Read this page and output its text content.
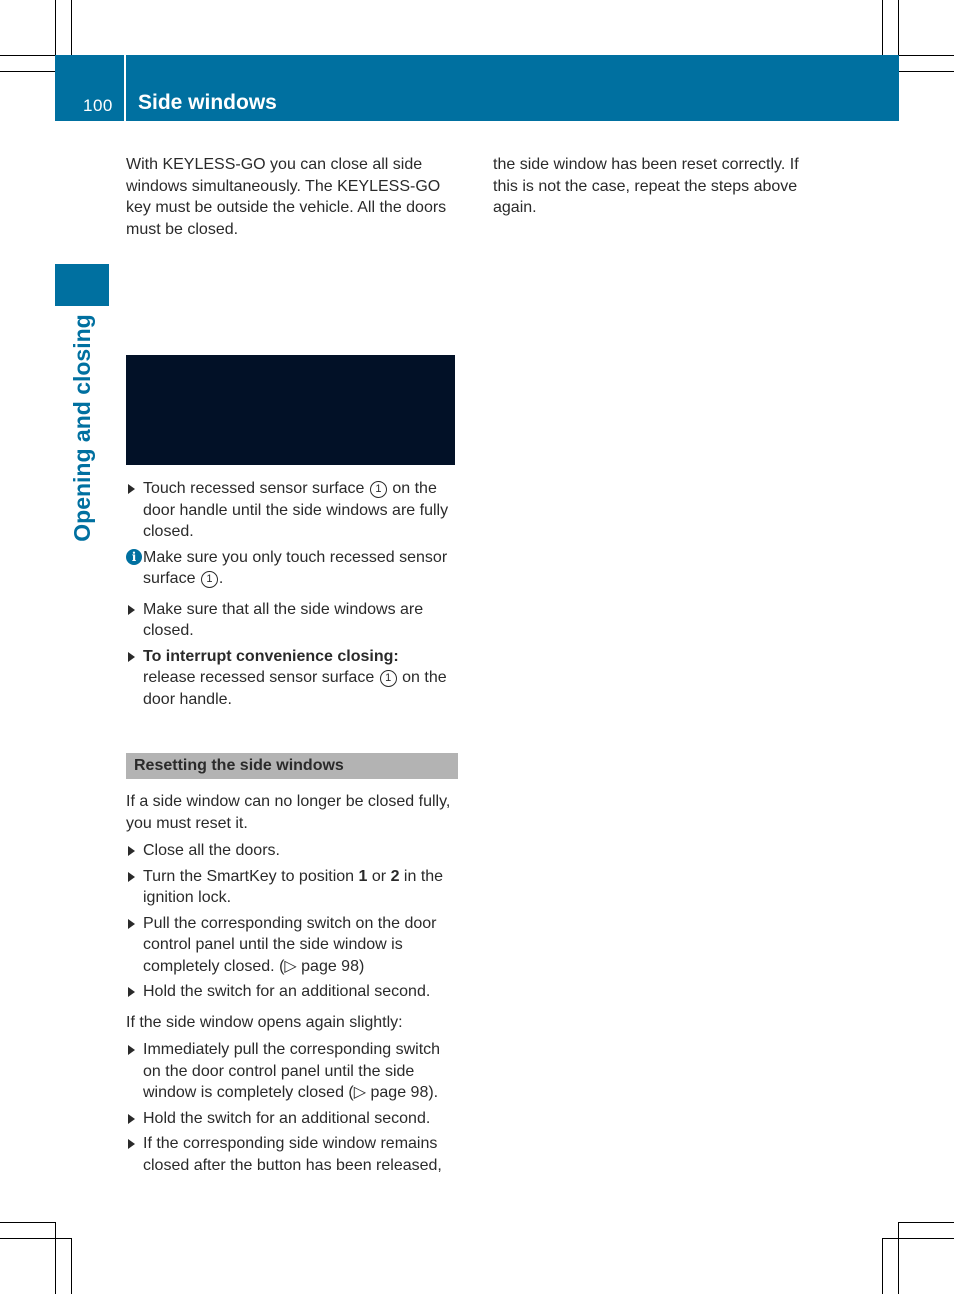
100 Side windows
Opening and closing

With KEYLESS-GO you can close all side windows simultaneously. The KEYLESS-GO key must be outside the vehicle. All the doors must be closed.

Touch recessed sensor surface 1 on the door handle until the side windows are fully closed.
i Make sure you only touch recessed sensor surface 1 .
Make sure that all the side windows are closed.
To interrupt convenience closing:
release recessed sensor surface 1 on the door handle.
Resetting the side windows

If a side window can no longer be closed fully, you must reset it.

Close all the doors.
Turn the SmartKey to position 1 or 2 in the ignition lock.
Pull the corresponding switch on the door control panel until the side window is completely closed. (▷ page 98)
Hold the switch for an additional second.

If the side window opens again slightly:

Immediately pull the corresponding switch on the door control panel until the side window is completely closed (▷ page 98).
Hold the switch for an additional second.
If the corresponding side window remains closed after the button has been released,

the side window has been reset correctly. If this is not the case, repeat the steps above again.
